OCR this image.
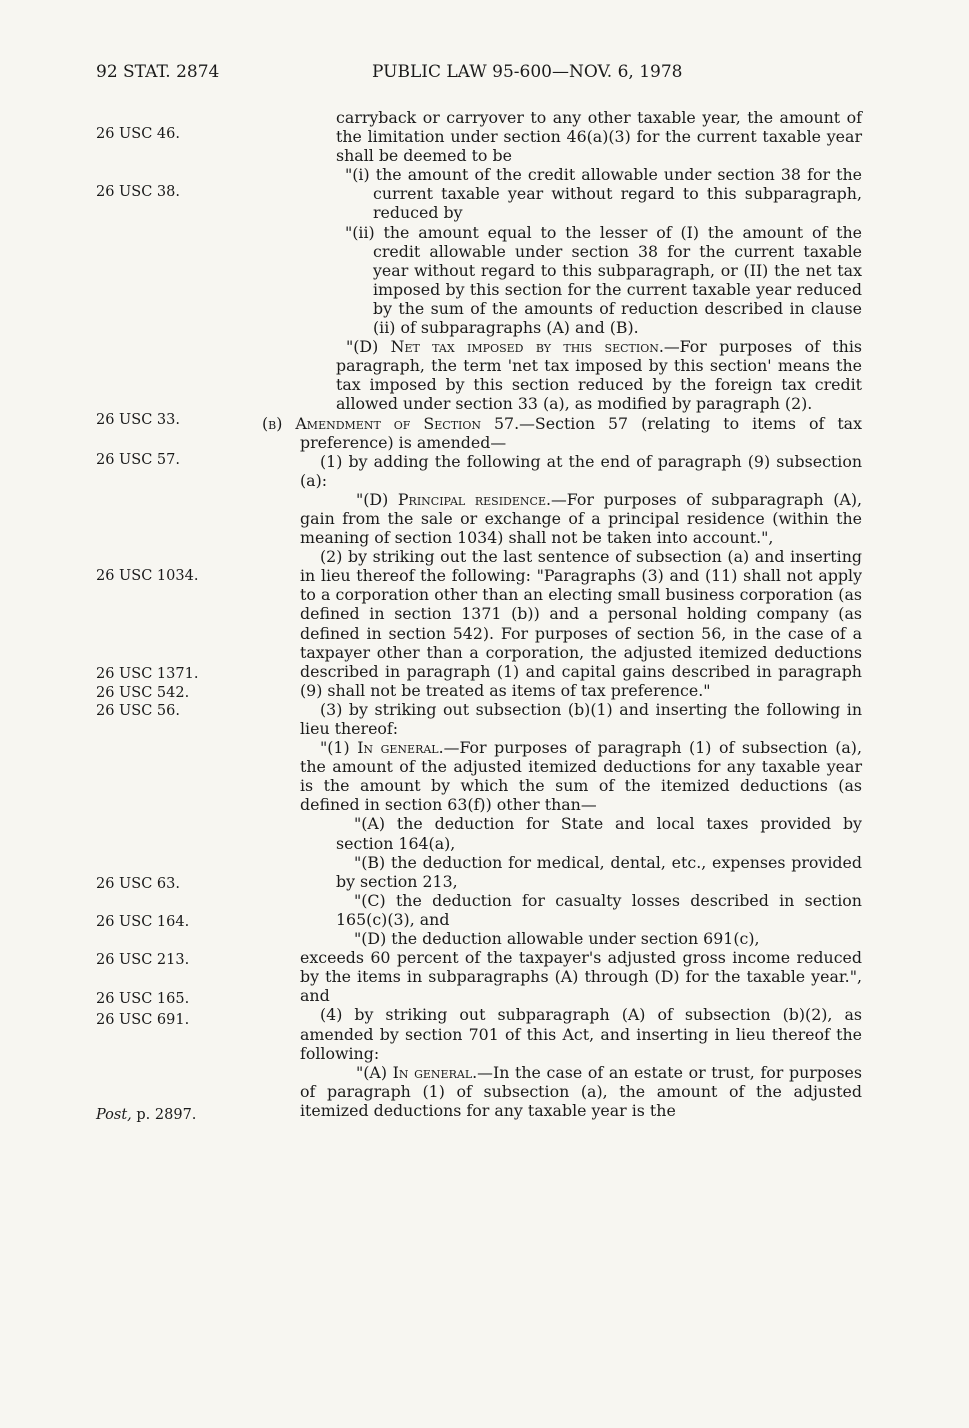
92 STAT. 2874	PUBLIC LAW 95-600—NOV. 6, 1978
26 USC 46.
26 USC 38.
26 USC 33.
26 USC 57.
26 USC 1034.
26 USC 1371.
26 USC 542.
26 USC 56.
26 USC 63.
26 USC 164.
26 USC 213.
26 USC 165.
26 USC 691.
Post, p. 2897.

carryback or carryover to any other taxable year, the amount of the limitation under section 46(a)(3) for the current taxable year shall be deemed to be

"(i) the amount of the credit allowable under section 38 for the current taxable year without regard to this subparagraph, reduced by

"(ii) the amount equal to the lesser of (I) the amount of the credit allowable under section 38 for the current taxable year without regard to this subparagraph, or (II) the net tax imposed by this section for the current taxable year reduced by the sum of the amounts of reduction described in clause (ii) of subparagraphs (A) and (B).

"(D) Net tax imposed by this section.—For purposes of this paragraph, the term 'net tax imposed by this section' means the tax imposed by this section reduced by the foreign tax credit allowed under section 33 (a), as modified by paragraph (2).

(b) Amendment of Section 57.—Section 57 (relating to items of tax preference) is amended—

(1) by adding the following at the end of paragraph (9) subsection (a):

"(D) Principal residence.—For purposes of subparagraph (A), gain from the sale or exchange of a principal residence (within the meaning of section 1034) shall not be taken into account.",

(2) by striking out the last sentence of subsection (a) and inserting in lieu thereof the following: "Paragraphs (3) and (11) shall not apply to a corporation other than an electing small business corporation (as defined in section 1371 (b)) and a personal holding company (as defined in section 542). For purposes of section 56, in the case of a taxpayer other than a corporation, the adjusted itemized deductions described in paragraph (1) and capital gains described in paragraph (9) shall not be treated as items of tax preference."

(3) by striking out subsection (b)(1) and inserting the following in lieu thereof:

"(1) In general.—For purposes of paragraph (1) of subsection (a), the amount of the adjusted itemized deductions for any taxable year is the amount by which the sum of the itemized deductions (as defined in section 63(f)) other than—

"(A) the deduction for State and local taxes provided by section 164(a),

"(B) the deduction for medical, dental, etc., expenses provided by section 213,

"(C) the deduction for casualty losses described in section 165(c)(3), and

"(D) the deduction allowable under section 691(c),

exceeds 60 percent of the taxpayer's adjusted gross income reduced by the items in subparagraphs (A) through (D) for the taxable year.", and

(4) by striking out subparagraph (A) of subsection (b)(2), as amended by section 701 of this Act, and inserting in lieu thereof the following:

"(A) In general.—In the case of an estate or trust, for purposes of paragraph (1) of subsection (a), the amount of the adjusted itemized deductions for any taxable year is the
